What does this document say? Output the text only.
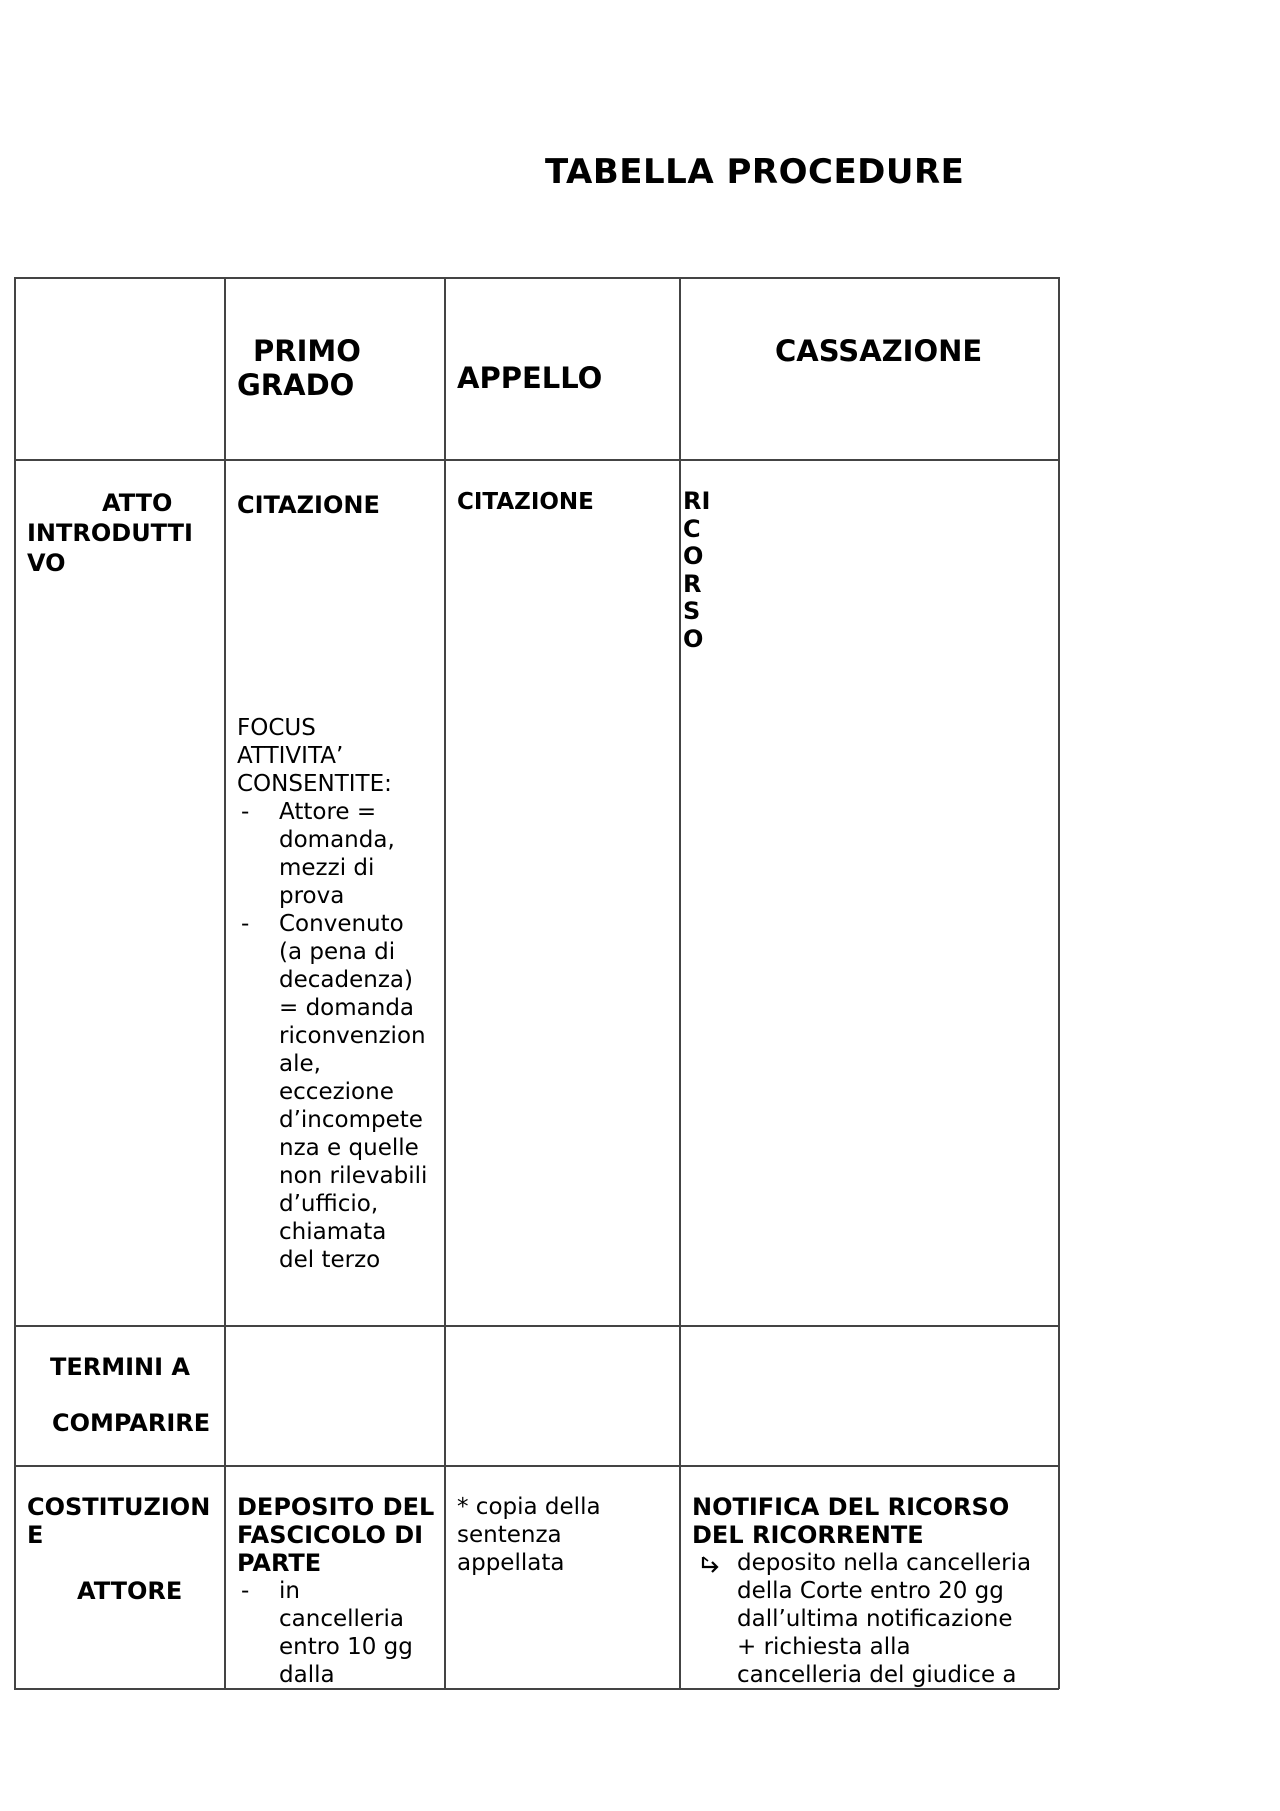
TABELLA PROCEDURE
PRIMO
GRADO	APPELLO
CASSAZIONE
ATTO
INTRODUTTI
VO
CITAZIONE
FOCUS
ATTIVITA’
CONSENTITE:
- Attore =
domanda,
mezzi di
prova
- Convenuto
(a pena di
decadenza)
= domanda
riconvenzion
ale,
eccezione
d’incompete
nza e quelle
non rilevabili
d’ufficio,
chiamata
del terzo
CITAZIONE	RI
C
O
R
S
O
TERMINI A
COMPARIRE
COSTITUZION
E
ATTORE
DEPOSITO DEL
FASCICOLO DI
PARTE
- in
cancelleria
entro 10 gg
dalla
* copia della
sentenza
appellata
NOTIFICA DEL RICORSO
DEL RICORRENTE
deposito nella cancelleria
della Corte entro 20 gg
dall’ultima notificazione
+ richiesta alla
cancelleria del giudice a
